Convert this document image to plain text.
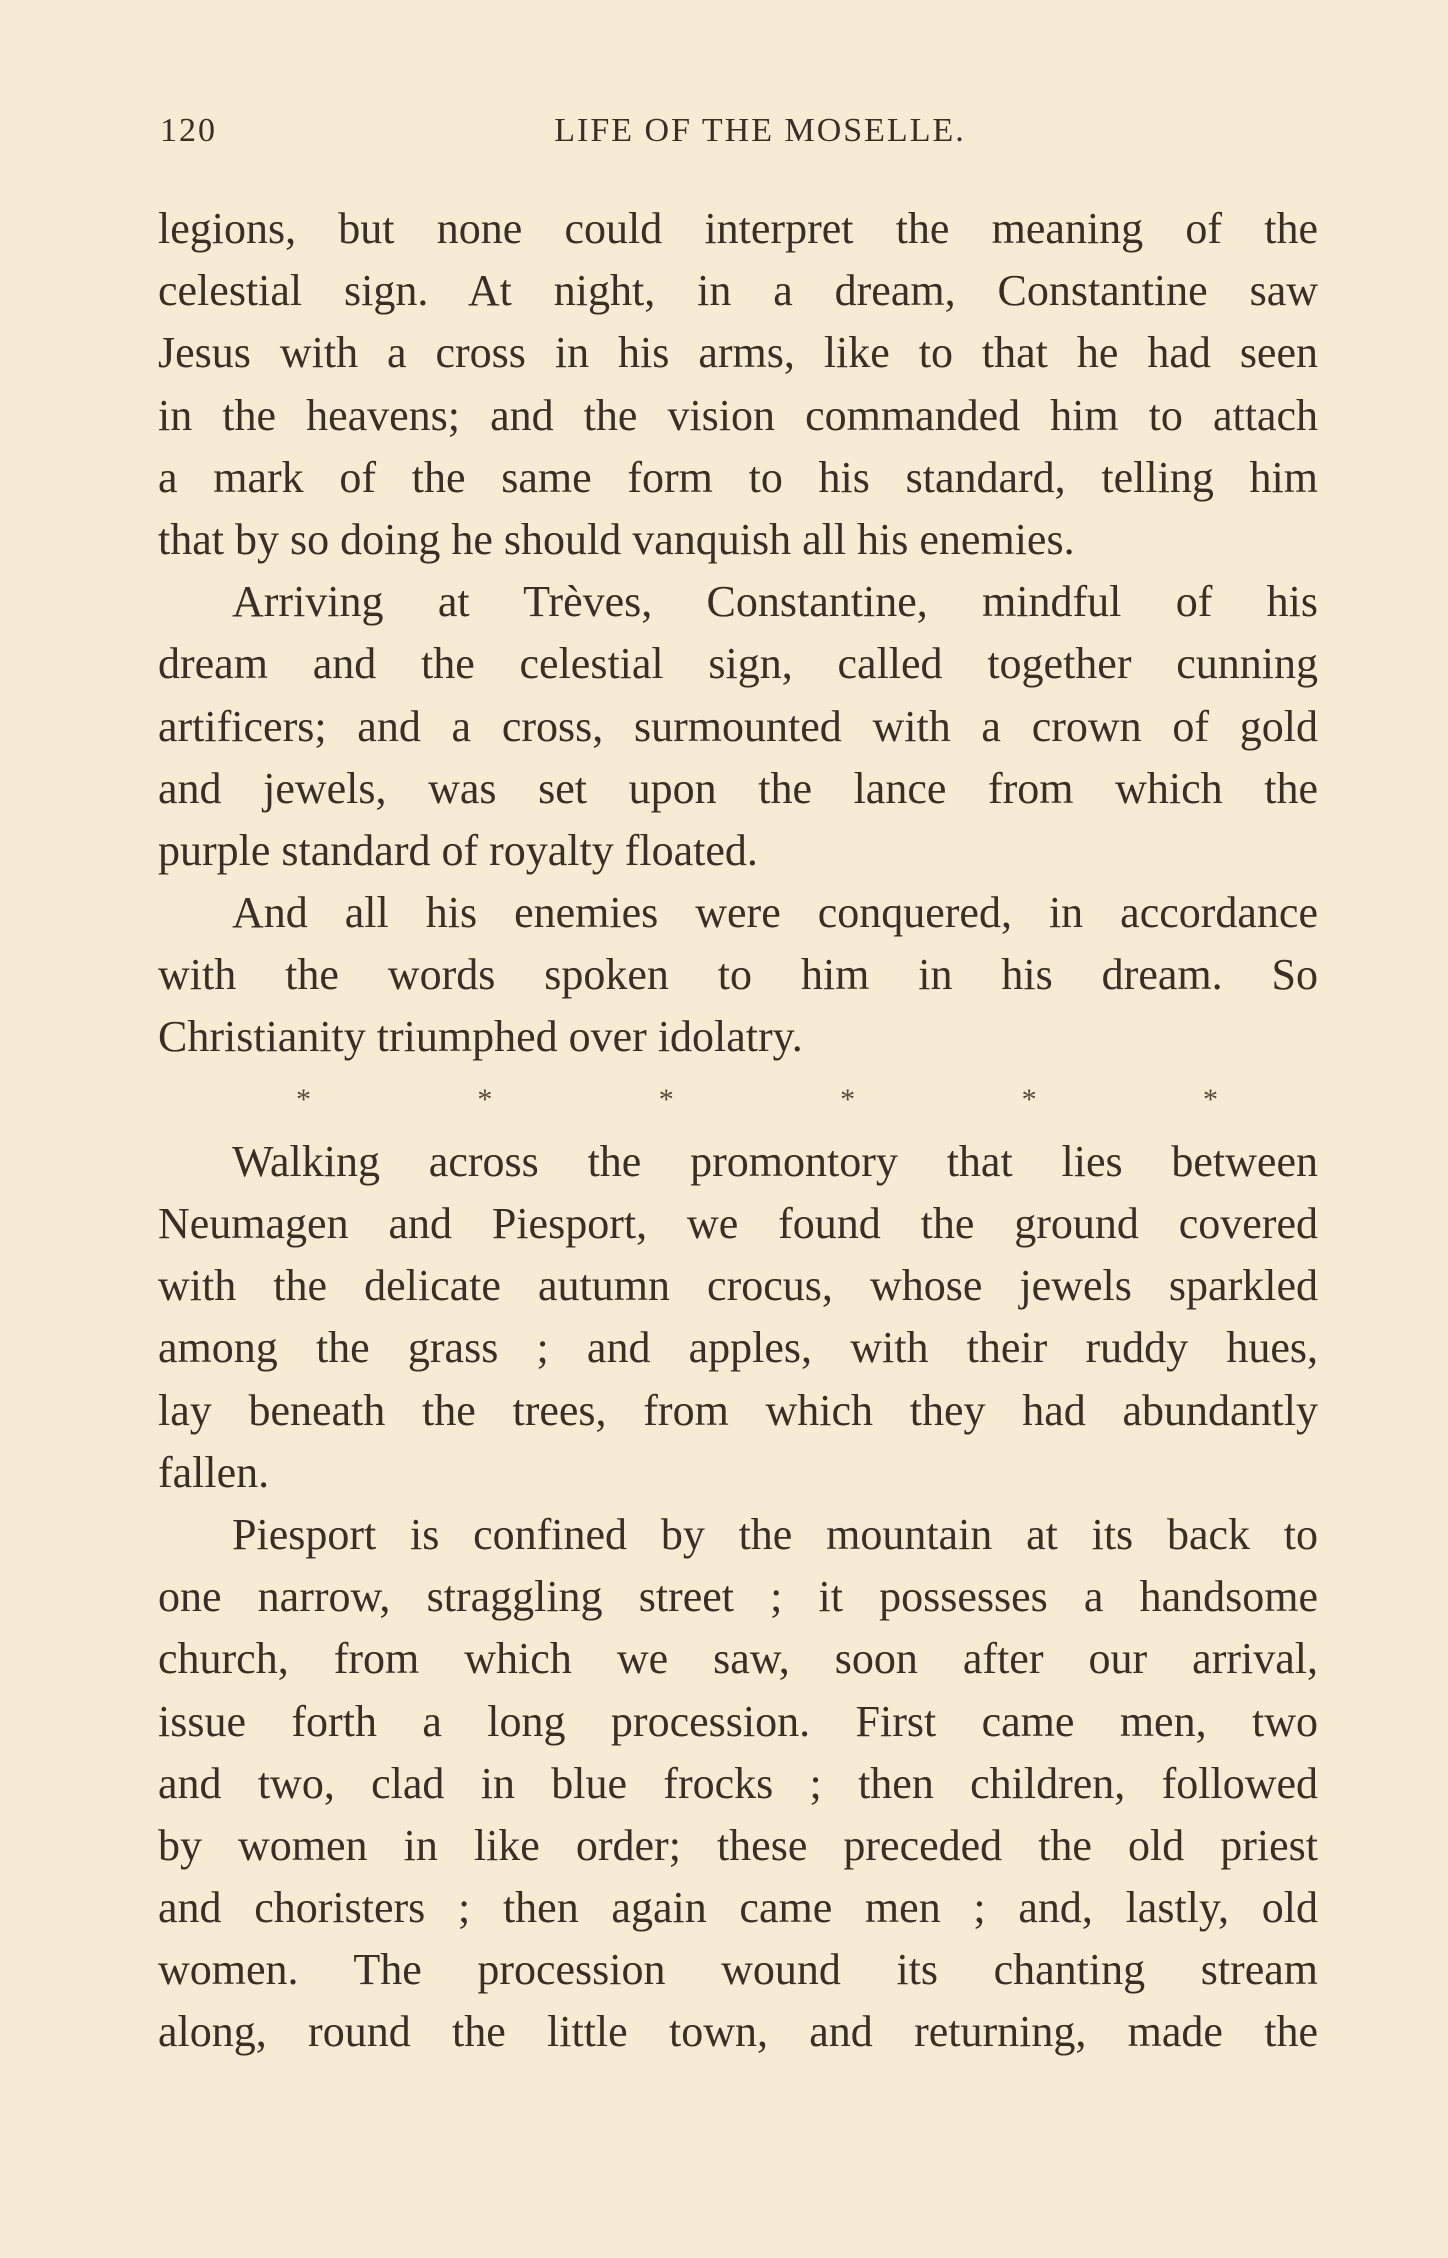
120	LIFE OF THE MOSELLE.
legions, but none could interpret the meaning of the
celestial sign. At night, in a dream, Constantine saw
Jesus with a cross in his arms, like to that he had seen
in the heavens; and the vision commanded him to attach
a mark of the same form to his standard, telling him
that by so doing he should vanquish all his enemies.
Arriving at Trèves, Constantine, mindful of his
dream and the celestial sign, called together cunning
artificers; and a cross, surmounted with a crown of gold
and jewels, was set upon the lance from which the
purple standard of royalty floated.
And all his enemies were conquered, in accordance
with the words spoken to him in his dream. So
Christianity triumphed over idolatry.
*	*	*	*	*	*
Walking across the promontory that lies between
Neumagen and Piesport, we found the ground covered
with the delicate autumn crocus, whose jewels sparkled
among the grass ; and apples, with their ruddy hues,
lay beneath the trees, from which they had abundantly
fallen.
Piesport is confined by the mountain at its back to
one narrow, straggling street ; it possesses a handsome
church, from which we saw, soon after our arrival,
issue forth a long procession. First came men, two
and two, clad in blue frocks ; then children, followed
by women in like order; these preceded the old priest
and choristers ; then again came men ; and, lastly, old
women. The procession wound its chanting stream
along, round the little town, and returning, made the
